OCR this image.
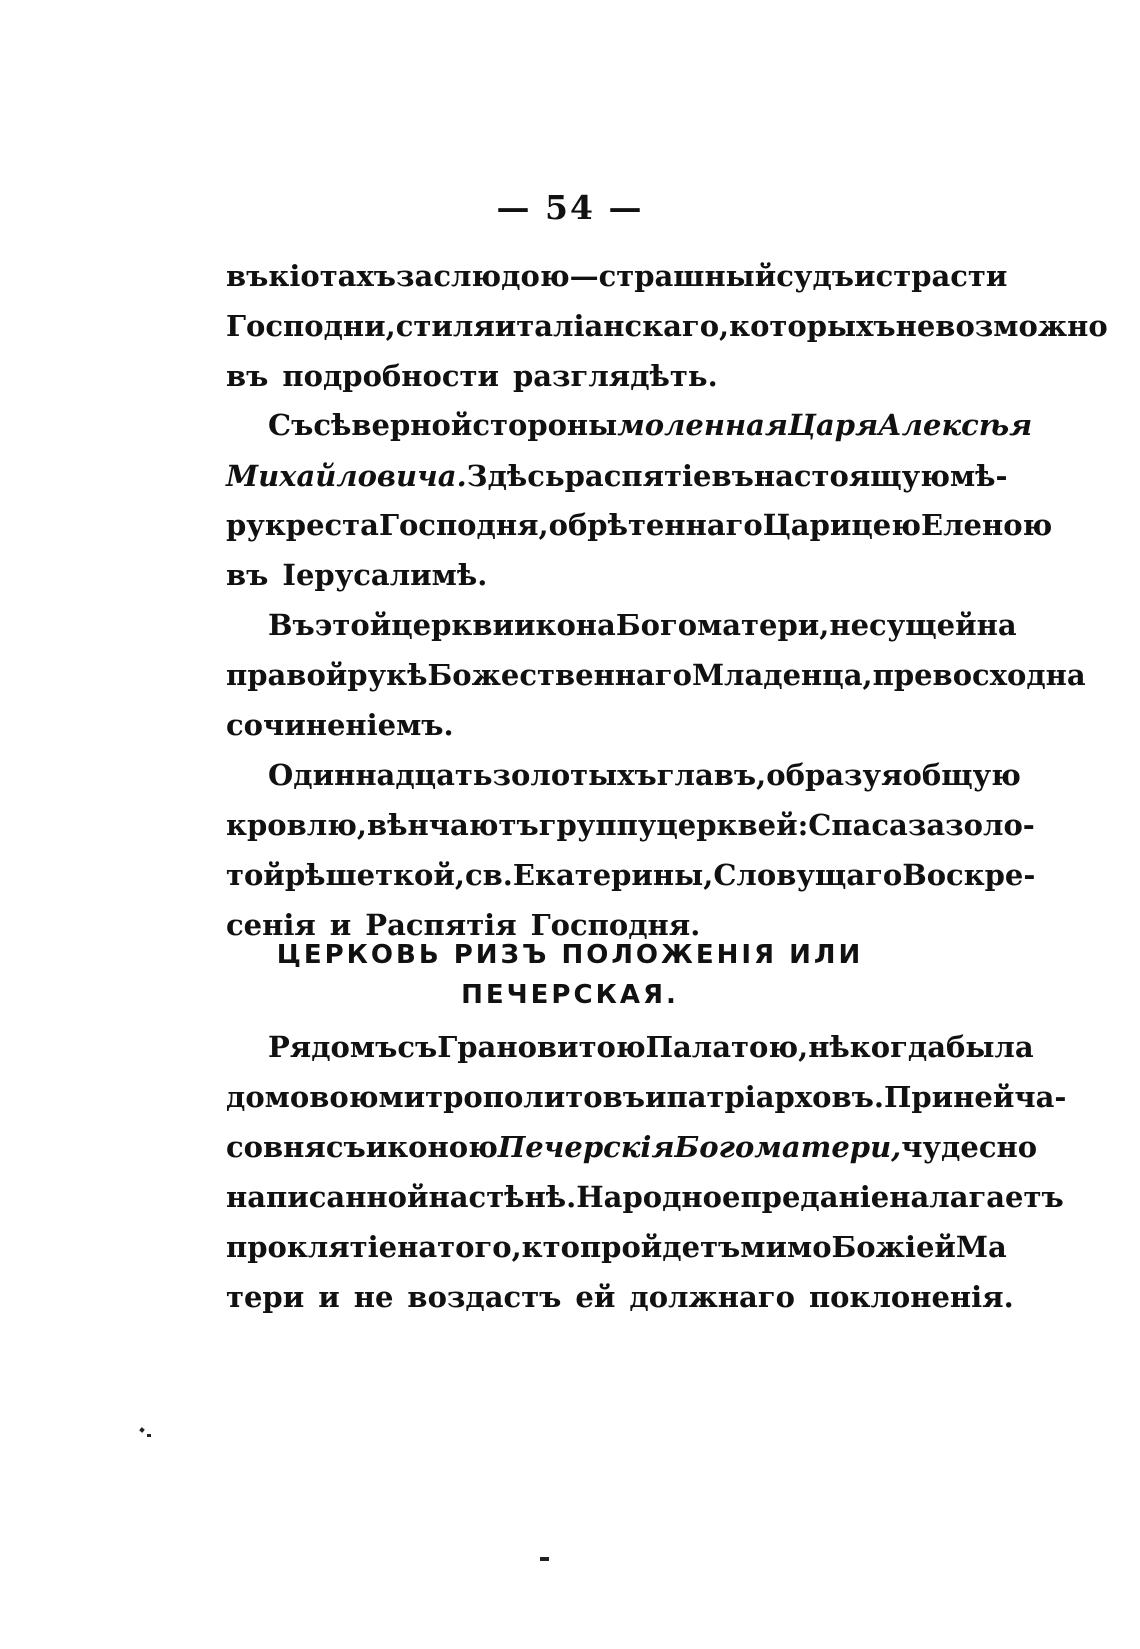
— 54 —
въ кіотахъ за слюдою — страшный судъ и страсти
Господни, стиля италіанскаго, которыхъ невозможно
въ подробности разглядѣть.
Съ сѣверной стороны моленная Царя Алексѣя
Михайловича. Здѣсь распятіе въ настоящую мѣ-
ру креста Господня, обрѣтеннаго Царицею Еленою
въ Іерусалимѣ.
Въ этой церкви икона Богоматери, несущей на
правой рукѣ Божественнаго Младенца, превосходна
сочиненіемъ.
Одиннадцать золотыхъ главъ, образуя общую
кровлю, вѣнчаютъ группу церквей: Спаса за золо-
той рѣшеткой, св. Екатерины, Словущаго Воскре-
сенія и Распятія Господня.
Рядомъ съ Грановитою Палатою, нѣкогда была
домовою митрополитовъ и патріарховъ. При ней ча-
совня съ иконою Печерскія Богоматери, чудесно
написанной на стѣнѣ. Народное преданіе налагаетъ
проклятіе на того, кто пройдетъ мимо Божіей Ма
тери и не воздастъ ей должнаго поклоненія.
ЦЕРКОВЬ РИЗЪ ПОЛОЖЕНІЯ ИЛИ
ПЕЧЕРСКАЯ.
